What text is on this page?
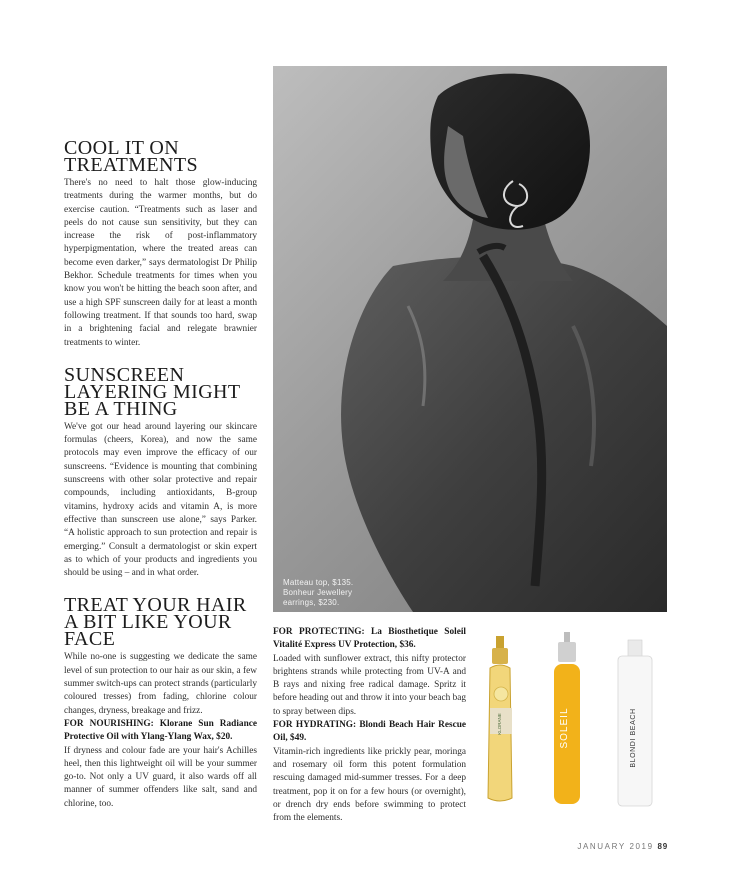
COOL IT ON TREATMENTS

There's no need to halt those glow-inducing treatments during the warmer months, but do exercise caution. “Treatments such as laser and peels do not cause sun sensitivity, but they can increase the risk of post-inflammatory hyperpigmentation, where the treated areas can become even darker,” says dermatologist Dr Philip Bekhor. Schedule treatments for times when you know you won't be hitting the beach soon after, and use a high SPF sunscreen daily for at least a month following treatment. If that sounds too hard, swap in a brightening facial and relegate brawnier treatments to winter.

SUNSCREEN LAYERING MIGHT BE A THING

We've got our head around layering our skincare formulas (cheers, Korea), and now the same protocols may even improve the efficacy of our sunscreens. “Evidence is mounting that combining sunscreens with other solar protective and repair compounds, including antioxidants, B-group vitamins, hydroxy acids and vitamin A, is more effective than sunscreen use alone,” says Parker. “A holistic approach to sun protection and repair is emerging.” Consult a dermatologist or skin expert as to which of your products and ingredients you should be using – and in what order.

TREAT YOUR HAIR A BIT LIKE YOUR FACE

While no-one is suggesting we dedicate the same level of sun protection to our hair as our skin, a few summer switch-ups can protect strands (particularly coloured tresses) from fading, chlorine colour changes, dryness, breakage and frizz.

FOR NOURISHING: Klorane Sun Radiance Protective Oil with Ylang-Ylang Wax, $20.

If dryness and colour fade are your hair's Achilles heel, then this lightweight oil will be your summer go-to. Not only a UV guard, it also wards off all manner of summer offenders like salt, sand and chlorine, too.

Matteau top, $135. Bonheur Jewellery earrings, $230.

FOR PROTECTING: La Biosthetique Soleil Vitalité Express UV Protection, $36.

Loaded with sunflower extract, this nifty protector brightens strands while protecting from UV-A and B rays and nixing free radical damage. Spritz it before heading out and throw it into your beach bag to spray between dips.

FOR HYDRATING: Blondi Beach Hair Rescue Oil, $49.

Vitamin-rich ingredients like prickly pear, moringa and rosemary oil form this potent formulation rescuing damaged mid-summer tresses. For a deep treatment, pop it on for a few hours (or overnight), or drench dry ends before swimming to protect from the elements.

KLORANE	SOLEIL	BLONDI BEACH
JANUARY 2019 89
